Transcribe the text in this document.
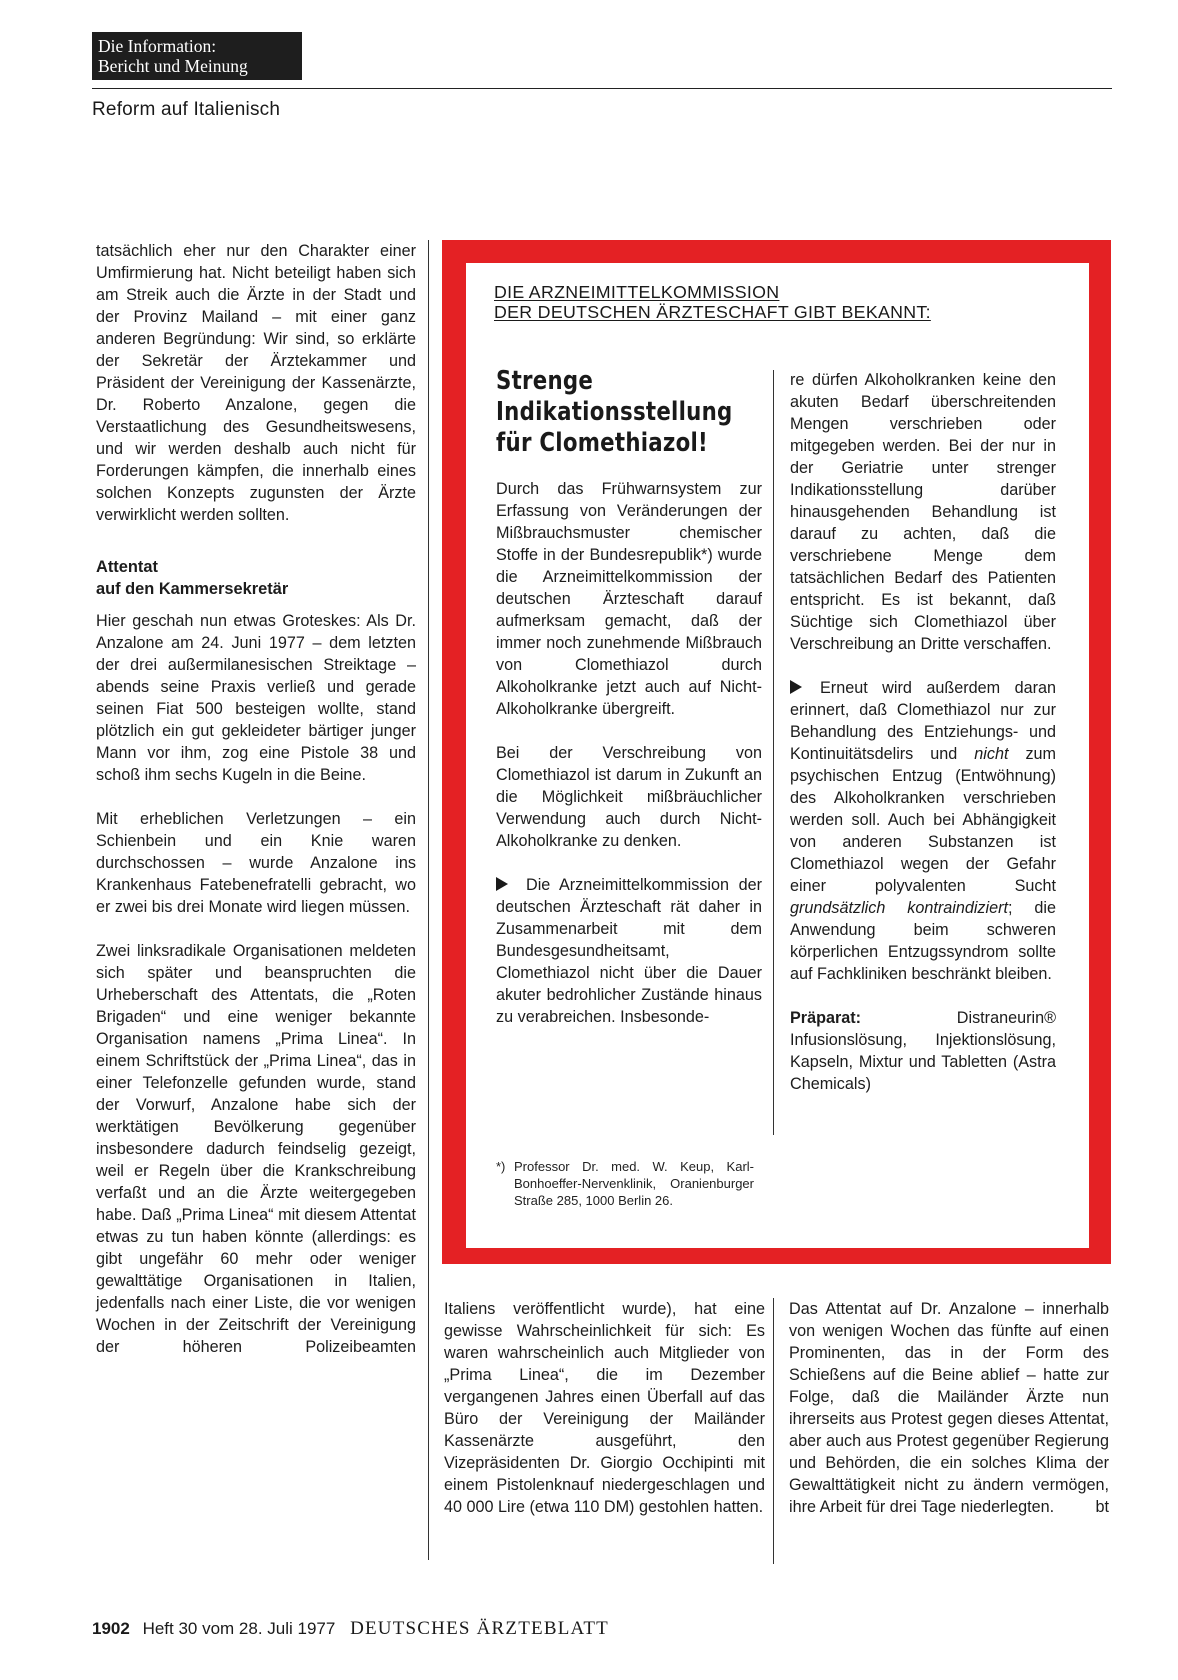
Die Information:
Bericht und Meinung
Reform auf Italienisch

tatsächlich eher nur den Charakter einer Umfirmierung hat. Nicht beteiligt haben sich am Streik auch die Ärzte in der Stadt und der Provinz Mailand – mit einer ganz anderen Begründung: Wir sind, so erklärte der Sekretär der Ärztekammer und Präsident der Vereinigung der Kassenärzte, Dr. Roberto Anzalone, gegen die Verstaatlichung des Gesundheitswesens, und wir werden deshalb auch nicht für Forderungen kämpfen, die innerhalb eines solchen Konzepts zugunsten der Ärzte verwirklicht werden sollten.

Attentat
auf den Kammersekretär

Hier geschah nun etwas Groteskes: Als Dr. Anzalone am 24. Juni 1977 – dem letzten der drei außermilanesischen Streiktage – abends seine Praxis verließ und gerade seinen Fiat 500 besteigen wollte, stand plötzlich ein gut gekleideter bärtiger junger Mann vor ihm, zog eine Pistole 38 und schoß ihm sechs Kugeln in die Beine.

Mit erheblichen Verletzungen – ein Schienbein und ein Knie waren durchschossen – wurde Anzalone ins Krankenhaus Fatebenefratelli gebracht, wo er zwei bis drei Monate wird liegen müssen.

Zwei linksradikale Organisationen meldeten sich später und beanspruchten die Urheberschaft des Attentats, die „Roten Brigaden“ und eine weniger bekannte Organisation namens „Prima Linea“. In einem Schriftstück der „Prima Linea“, das in einer Telefonzelle gefunden wurde, stand der Vorwurf, Anzalone habe sich der werktätigen Bevölkerung gegenüber insbesondere dadurch feindselig gezeigt, weil er Regeln über die Krankschreibung verfaßt und an die Ärzte weitergegeben habe. Daß „Prima Linea“ mit diesem Attentat etwas zu tun haben könnte (allerdings: es gibt ungefähr 60 mehr oder weniger gewalttätige Organisationen in Italien, jedenfalls nach einer Liste, die vor wenigen Wochen in der Zeitschrift der Vereinigung der höheren Polizeibeamten

DIE ARZNEIMITTELKOMMISSION
DER DEUTSCHEN ÄRZTESCHAFT GIBT BEKANNT:
Strenge
Indikationsstellung
für Clomethiazol!

Durch das Frühwarnsystem zur Erfassung von Veränderungen der Mißbrauchsmuster chemischer Stoffe in der Bundesrepublik*) wurde die Arzneimittelkommission der deutschen Ärzteschaft darauf aufmerksam gemacht, daß der immer noch zunehmende Mißbrauch von Clomethiazol durch Alkoholkranke jetzt auch auf Nicht-Alkoholkranke übergreift.

Bei der Verschreibung von Clomethiazol ist darum in Zukunft an die Möglichkeit mißbräuchlicher Verwendung auch durch Nicht-Alkoholkranke zu denken.

Die Arzneimittelkommission der deutschen Ärzteschaft rät daher in Zusammenarbeit mit dem Bundesgesundheitsamt, Clomethiazol nicht über die Dauer akuter bedrohlicher Zustände hinaus zu verabreichen. Insbesonde-

*) Professor Dr. med. W. Keup, Karl-Bonhoeffer-Nervenklinik, Oranienburger Straße 285, 1000 Berlin 26.

re dürfen Alkoholkranken keine den akuten Bedarf überschreitenden Mengen verschrieben oder mitgegeben werden. Bei der nur in der Geriatrie unter strenger Indikationsstellung darüber hinausgehenden Behandlung ist darauf zu achten, daß die verschriebene Menge dem tatsächlichen Bedarf des Patienten entspricht. Es ist bekannt, daß Süchtige sich Clomethiazol über Verschreibung an Dritte verschaffen.

Erneut wird außerdem daran erinnert, daß Clomethiazol nur zur Behandlung des Entziehungs- und Kontinuitätsdelirs und nicht zum psychischen Entzug (Entwöhnung) des Alkoholkranken verschrieben werden soll. Auch bei Abhängigkeit von anderen Substanzen ist Clomethiazol wegen der Gefahr einer polyvalenten Sucht grundsätzlich kontraindiziert; die Anwendung beim schweren körperlichen Entzugssyndrom sollte auf Fachkliniken beschränkt bleiben.

Präparat:	Distraneurin® Infusionslösung, Injektionslösung, Kapseln, Mixtur und Tabletten (Astra Chemicals)

Italiens veröffentlicht wurde), hat eine gewisse Wahrscheinlichkeit für sich: Es waren wahrscheinlich auch Mitglieder von „Prima Linea“, die im Dezember vergangenen Jahres einen Überfall auf das Büro der Vereinigung der Mailänder Kassenärzte ausgeführt, den Vizepräsidenten Dr. Giorgio Occhipinti mit einem Pistolenknauf niedergeschlagen und 40 000 Lire (etwa 110 DM) gestohlen hatten.

Das Attentat auf Dr. Anzalone – innerhalb von wenigen Wochen das fünfte auf einen Prominenten, das in der Form des Schießens auf die Beine ablief – hatte zur Folge, daß die Mailänder Ärzte nun ihrerseits aus Protest gegen dieses Attentat, aber auch aus Protest gegenüber Regierung und Behörden, die ein solches Klima der Gewalttätigkeit nicht zu ändern vermögen, ihre Arbeit für drei Tage niederlegten.	bt

1902 Heft 30 vom 28. Juli 1977 DEUTSCHES ÄRZTEBLATT
